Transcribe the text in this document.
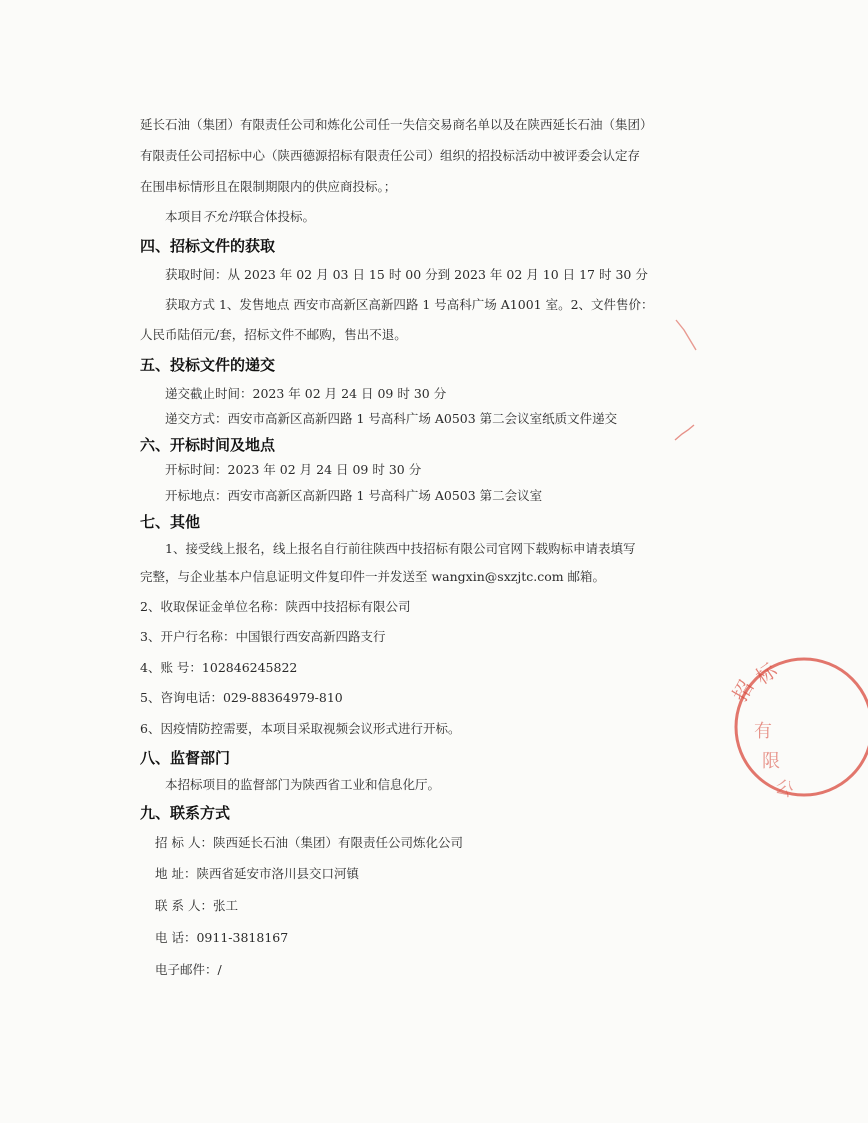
延长石油（集团）有限责任公司和炼化公司任一失信交易商名单以及在陕西延长石油（集团）
有限责任公司招标中心（陕西德源招标有限责任公司）组织的招投标活动中被评委会认定存
在围串标情形且在限制期限内的供应商投标。；
本项目不允许联合体投标。
四、招标文件的获取
获取时间：从 2023 年 02 月 03 日 15 时 00 分到 2023 年 02 月 10 日 17 时 30 分
获取方式 1、发售地点 西安市高新区高新四路 1 号高科广场 A1001 室。2、文件售价：
人民币陆佰元/套，招标文件不邮购，售出不退。
五、投标文件的递交
递交截止时间：2023 年 02 月 24 日 09 时 30 分
递交方式：西安市高新区高新四路 1 号高科广场 A0503 第二会议室纸质文件递交
六、开标时间及地点
开标时间：2023 年 02 月 24 日 09 时 30 分
开标地点：西安市高新区高新四路 1 号高科广场 A0503 第二会议室
七、其他
1、接受线上报名，线上报名自行前往陕西中技招标有限公司官网下载购标申请表填写
完整，与企业基本户信息证明文件复印件一并发送至 wangxin@sxzjtc.com 邮箱。
2、收取保证金单位名称：陕西中技招标有限公司
3、开户行名称：中国银行西安高新四路支行
4、账 号：102846245822
5、咨询电话：029-88364979-810
6、因疫情防控需要，本项目采取视频会议形式进行开标。
八、监督部门
本招标项目的监督部门为陕西省工业和信息化厅。
九、联系方式
招 标 人：陕西延长石油（集团）有限责任公司炼化公司
地 址：陕西省延安市洛川县交口河镇
联 系 人：张工
电 话：0911-3818167
电子邮件：/
招
标
有
限
公
